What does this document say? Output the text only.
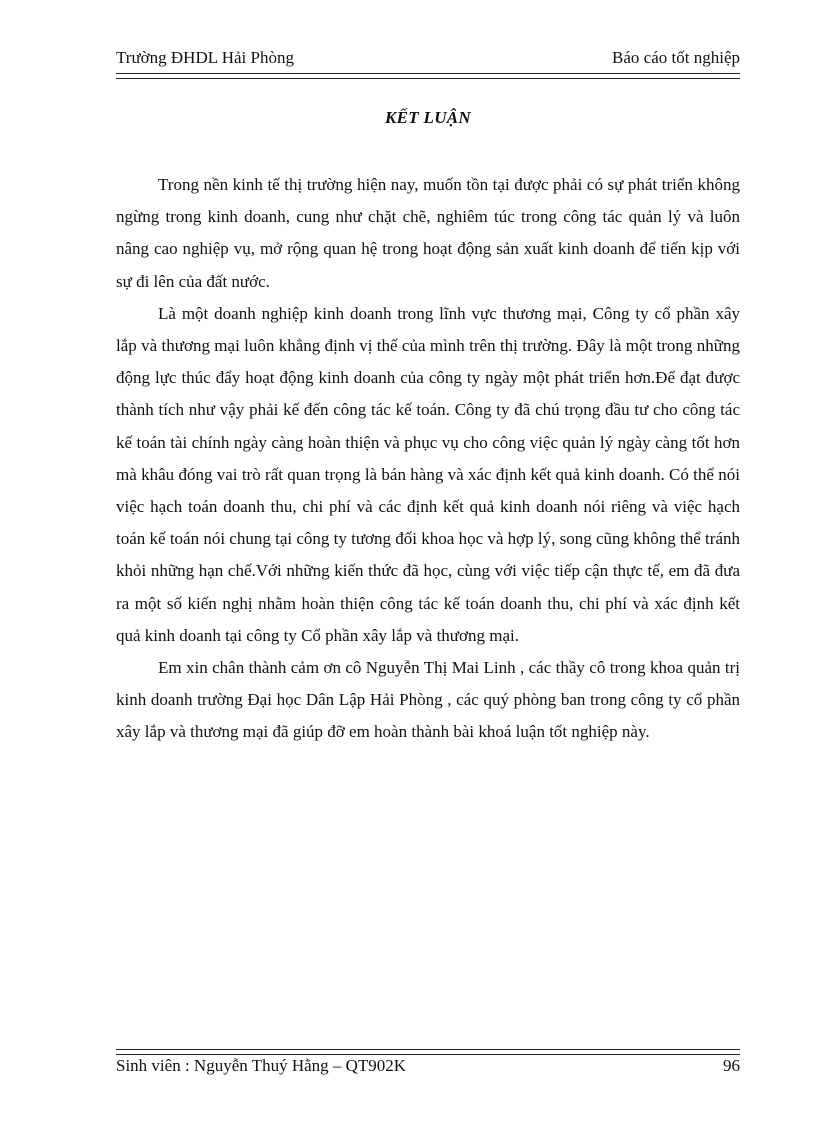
Trường ĐHDL Hải Phòng	Báo cáo tốt nghiệp
KẾT LUẬN

Trong nền kinh tế thị trường hiện nay, muốn tồn tại được phải có sự phát triển không ngừng trong kinh doanh, cung như chặt chẽ, nghiêm túc trong công tác quản lý và luôn nâng cao nghiệp vụ, mở rộng quan hệ trong hoạt động sản xuất kinh doanh để tiến kịp với sự đi lên của đất nước.

Là một doanh nghiệp kinh doanh trong lĩnh vực thương mại, Công ty cổ phần xây lắp và thương mại luôn khẳng định vị thế của mình trên thị trường. Đây là một trong những động lực thúc đẩy hoạt động kinh doanh của công ty ngày một phát triển hơn.Để đạt được thành tích như vậy phải kế đến công tác kế toán. Công ty đã chú trọng đầu tư cho công tác kế toán tài chính ngày càng hoàn thiện và phục vụ cho công việc quản lý ngày càng tốt hơn mà khâu đóng vai trò rất quan trọng là bán hàng và xác định kết quả kinh doanh. Có thể nói việc hạch toán doanh thu, chi phí và các định kết quả kinh doanh nói riêng và việc hạch toán kế toán nói chung tại công ty tương đối khoa học và hợp lý, song cũng không thể tránh khỏi những hạn chế.Với những kiến thức đã học, cùng với việc tiếp cận thực tế, em đã đưa ra một số kiến nghị nhằm hoàn thiện công tác kế toán doanh thu, chi phí và xác định kết quả kinh doanh tại công ty Cổ phần xây lắp và thương mại.

Em xin chân thành cảm ơn cô Nguyễn Thị Mai Linh , các thầy cô trong khoa quản trị kinh doanh trường Đại học Dân Lập Hải Phòng , các quý phòng ban trong công ty cổ phần xây lắp và thương mại đã giúp đỡ em hoàn thành bài khoá luận tốt nghiệp này.

Sinh viên : Nguyễn Thuý Hằng – QT902K	96
